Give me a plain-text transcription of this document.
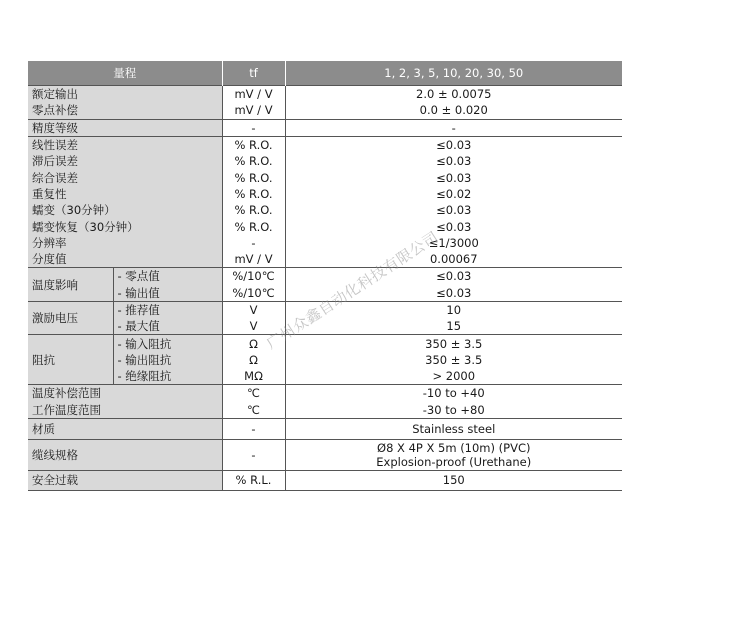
量程		tf	1, 2, 3, 5, 10, 20, 30, 50
额定输出		mV / V	2.0 ± 0.0075
零点补偿		mV / V	0.0 ± 0.020
精度等级		-	-
线性误差		% R.O.	≤0.03
滞后误差		% R.O.	≤0.03
综合误差		% R.O.	≤0.03
重复性		% R.O.	≤0.02
蠕变（30分钟）		% R.O.	≤0.03
蠕变恢复（30分钟）		% R.O.	≤0.03
分辨率		-	≤1/3000
分度值		mV / V	0.00067
温度影响	- 零点值	%/10℃	≤0.03
	- 输出值	%/10℃	≤0.03
激励电压	- 推荐值	V	10
	- 最大值	V	15
阻抗	- 输入阻抗	Ω	350 ± 3.5
	- 输出阻抗	Ω	350 ± 3.5
	- 绝缘阻抗	MΩ	> 2000
温度补偿范围		℃	-10 to +40
工作温度范围		℃	-30 to +80
材质		-	Stainless steel
缆线规格		-	Ø8 X 4P X 5m (10m) (PVC)
Explosion-proof (Urethane)

安全过载		% R.L.	150
广州众鑫自动化科技有限公司
